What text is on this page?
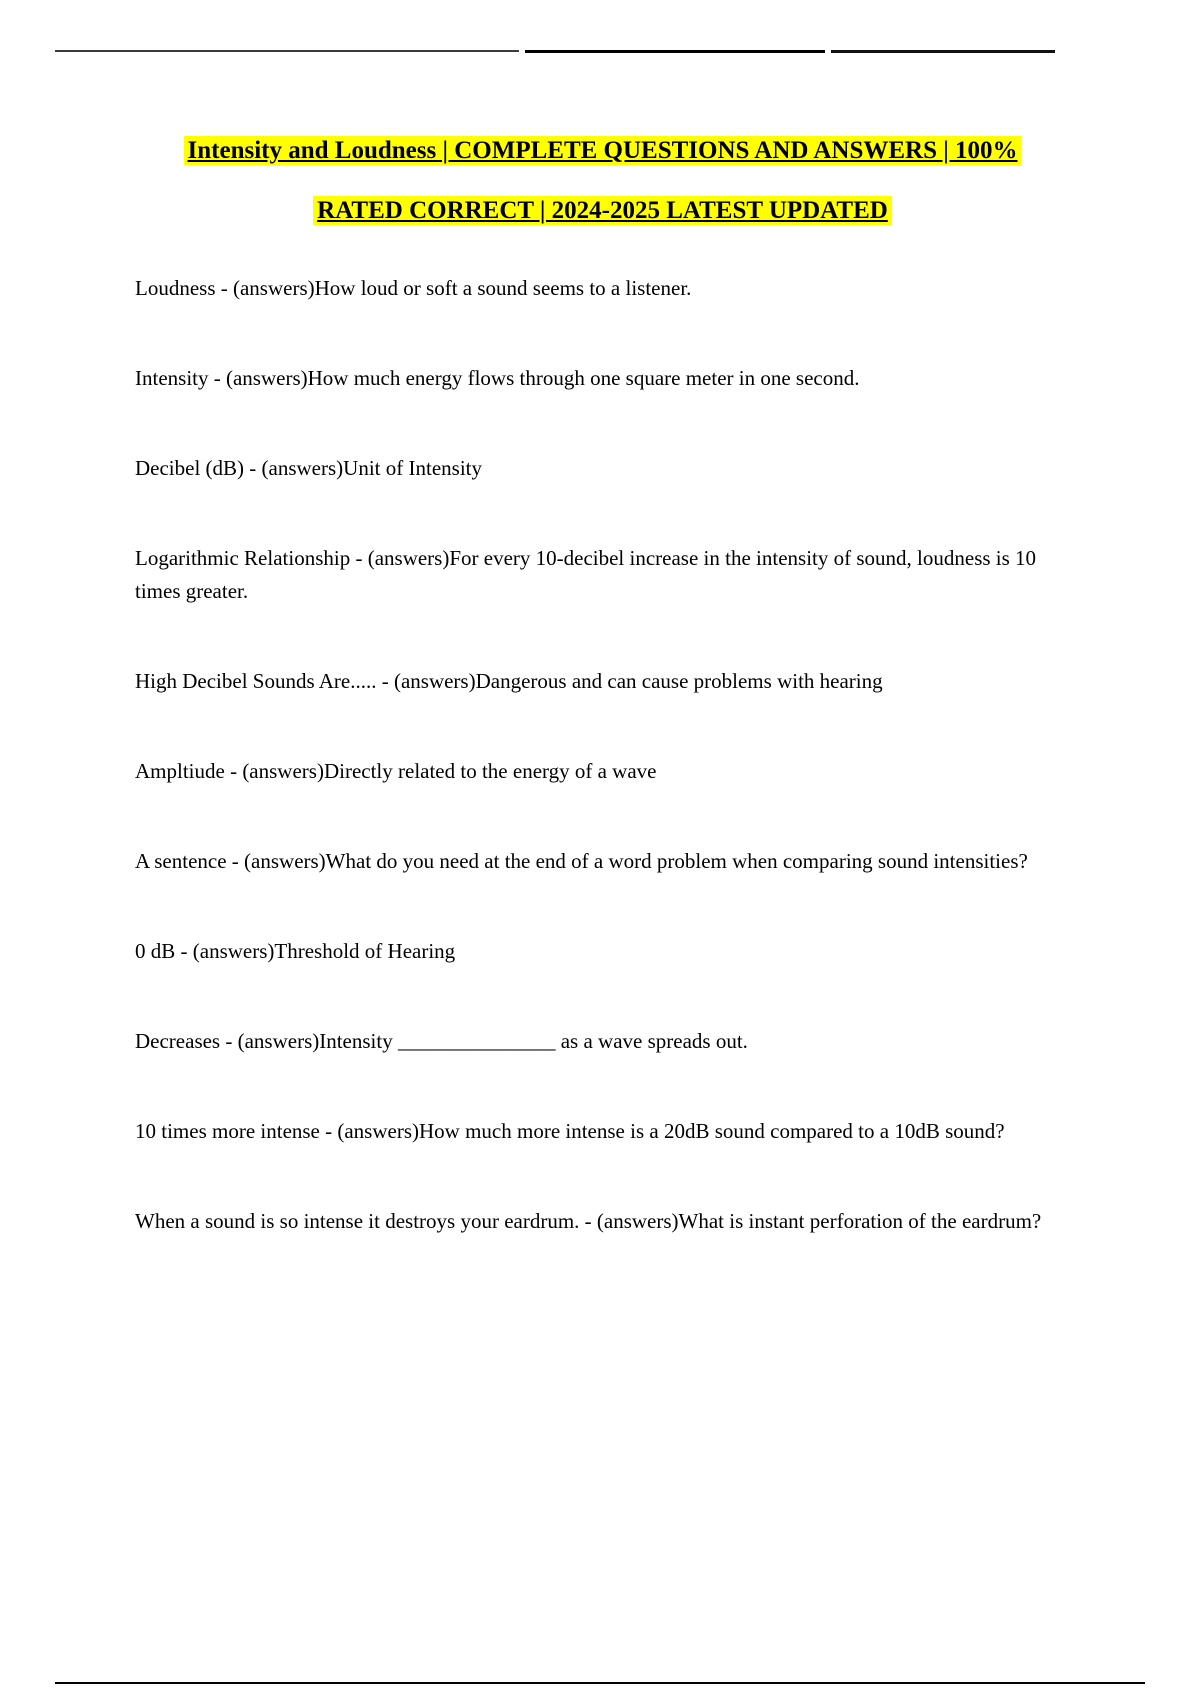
Intensity and Loudness | COMPLETE QUESTIONS AND ANSWERS | 100%
RATED CORRECT | 2024-2025 LATEST UPDATED

Loudness - (answers)How loud or soft a sound seems to a listener.

Intensity - (answers)How much energy flows through one square meter in one second.

Decibel (dB) - (answers)Unit of Intensity

Logarithmic Relationship - (answers)For every 10-decibel increase in the intensity of sound, loudness is 10 times greater.

High Decibel Sounds Are..... - (answers)Dangerous and can cause problems with hearing

Ampltiude - (answers)Directly related to the energy of a wave

A sentence - (answers)What do you need at the end of a word problem when comparing sound intensities?

0 dB - (answers)Threshold of Hearing

Decreases - (answers)Intensity _______________ as a wave spreads out.

10 times more intense - (answers)How much more intense is a 20dB sound compared to a 10dB sound?

When a sound is so intense it destroys your eardrum. - (answers)What is instant perforation of the eardrum?
